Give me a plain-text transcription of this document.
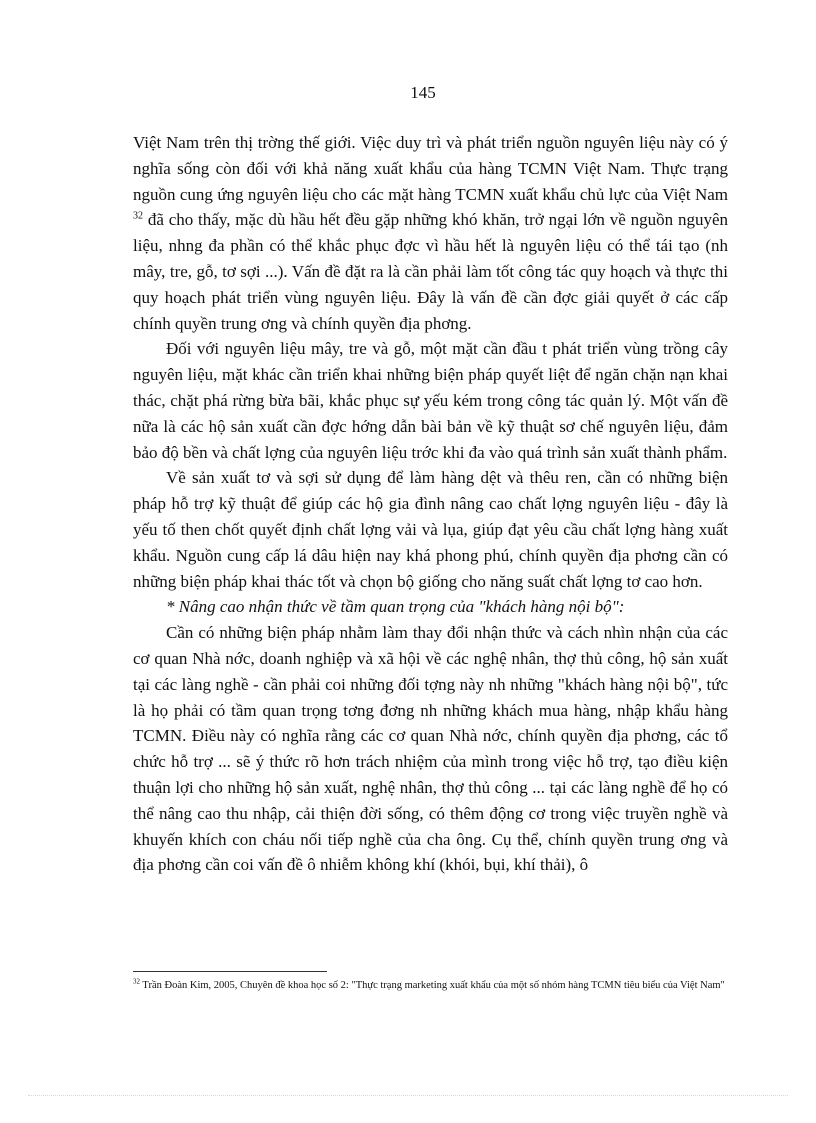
145

Việt Nam trên thị trờng thế giới. Việc duy trì và phát triển nguồn nguyên liệu này có ý nghĩa sống còn đối với khả năng xuất khẩu của hàng TCMN Việt Nam. Thực trạng nguồn cung ứng nguyên liệu cho các mặt hàng TCMN xuất khẩu chủ lực của Việt Nam $^{32}$ đã cho thấy, mặc dù hầu hết đều gặp những khó khăn, trở ngại lớn về nguồn nguyên liệu, nhng đa phần có thể khắc phục đợc vì hầu hết là nguyên liệu có thể tái tạo (nh mây, tre, gỗ, tơ sợi ...). Vấn đề đặt ra là cần phải làm tốt công tác quy hoạch và thực thi quy hoạch phát triển vùng nguyên liệu. Đây là vấn đề cần đợc giải quyết ở các cấp chính quyền trung ơng và chính quyền địa phơng.

Đối với nguyên liệu mây, tre và gỗ, một mặt cần đầu t phát triển vùng trồng cây nguyên liệu, mặt khác cần triển khai những biện pháp quyết liệt để ngăn chặn nạn khai thác, chặt phá rừng bừa bãi, khắc phục sự yếu kém trong công tác quản lý. Một vấn đề nữa là các hộ sản xuất cần đợc hớng dẫn bài bản về kỹ thuật sơ chế nguyên liệu, đảm bảo độ bền và chất lợng của nguyên liệu trớc khi đa vào quá trình sản xuất thành phẩm.

Về sản xuất tơ và sợi sử dụng để làm hàng dệt và thêu ren, cần có những biện pháp hỗ trợ kỹ thuật để giúp các hộ gia đình nâng cao chất lợng nguyên liệu - đây là yếu tố then chốt quyết định chất lợng vải và lụa, giúp đạt yêu cầu chất lợng hàng xuất khẩu. Nguồn cung cấp lá dâu hiện nay khá phong phú, chính quyền địa phơng cần có những biện pháp khai thác tốt và chọn bộ giống cho năng suất chất lợng tơ cao hơn.

* Nâng cao nhận thức về tầm quan trọng của "khách hàng nội bộ":

Cần có những biện pháp nhằm làm thay đổi nhận thức và cách nhìn nhận của các cơ quan Nhà nớc, doanh nghiệp và xã hội về các nghệ nhân, thợ thủ công, hộ sản xuất tại các làng nghề - cần phải coi những đối tợng này nh những "khách hàng nội bộ", tức là họ phải có tầm quan trọng tơng đơng nh những khách mua hàng, nhập khẩu hàng TCMN. Điều này có nghĩa rằng các cơ quan Nhà nớc, chính quyền địa phơng, các tổ chức hỗ trợ ... sẽ ý thức rõ hơn trách nhiệm của mình trong việc hỗ trợ, tạo điều kiện thuận lợi cho những hộ sản xuất, nghệ nhân, thợ thủ công ... tại các làng nghề để họ có thể nâng cao thu nhập, cải thiện đời sống, có thêm động cơ trong việc truyền nghề và khuyến khích con cháu nối tiếp nghề của cha ông. Cụ thể, chính quyền trung ơng và địa phơng cần coi vấn đề ô nhiễm không khí (khói, bụi, khí thải), ô

$^{32}$ Trần Đoàn Kim, 2005, Chuyên đề khoa học số 2: "Thực trạng marketing xuất khẩu của một số nhóm hàng TCMN tiêu biểu của Việt Nam"
